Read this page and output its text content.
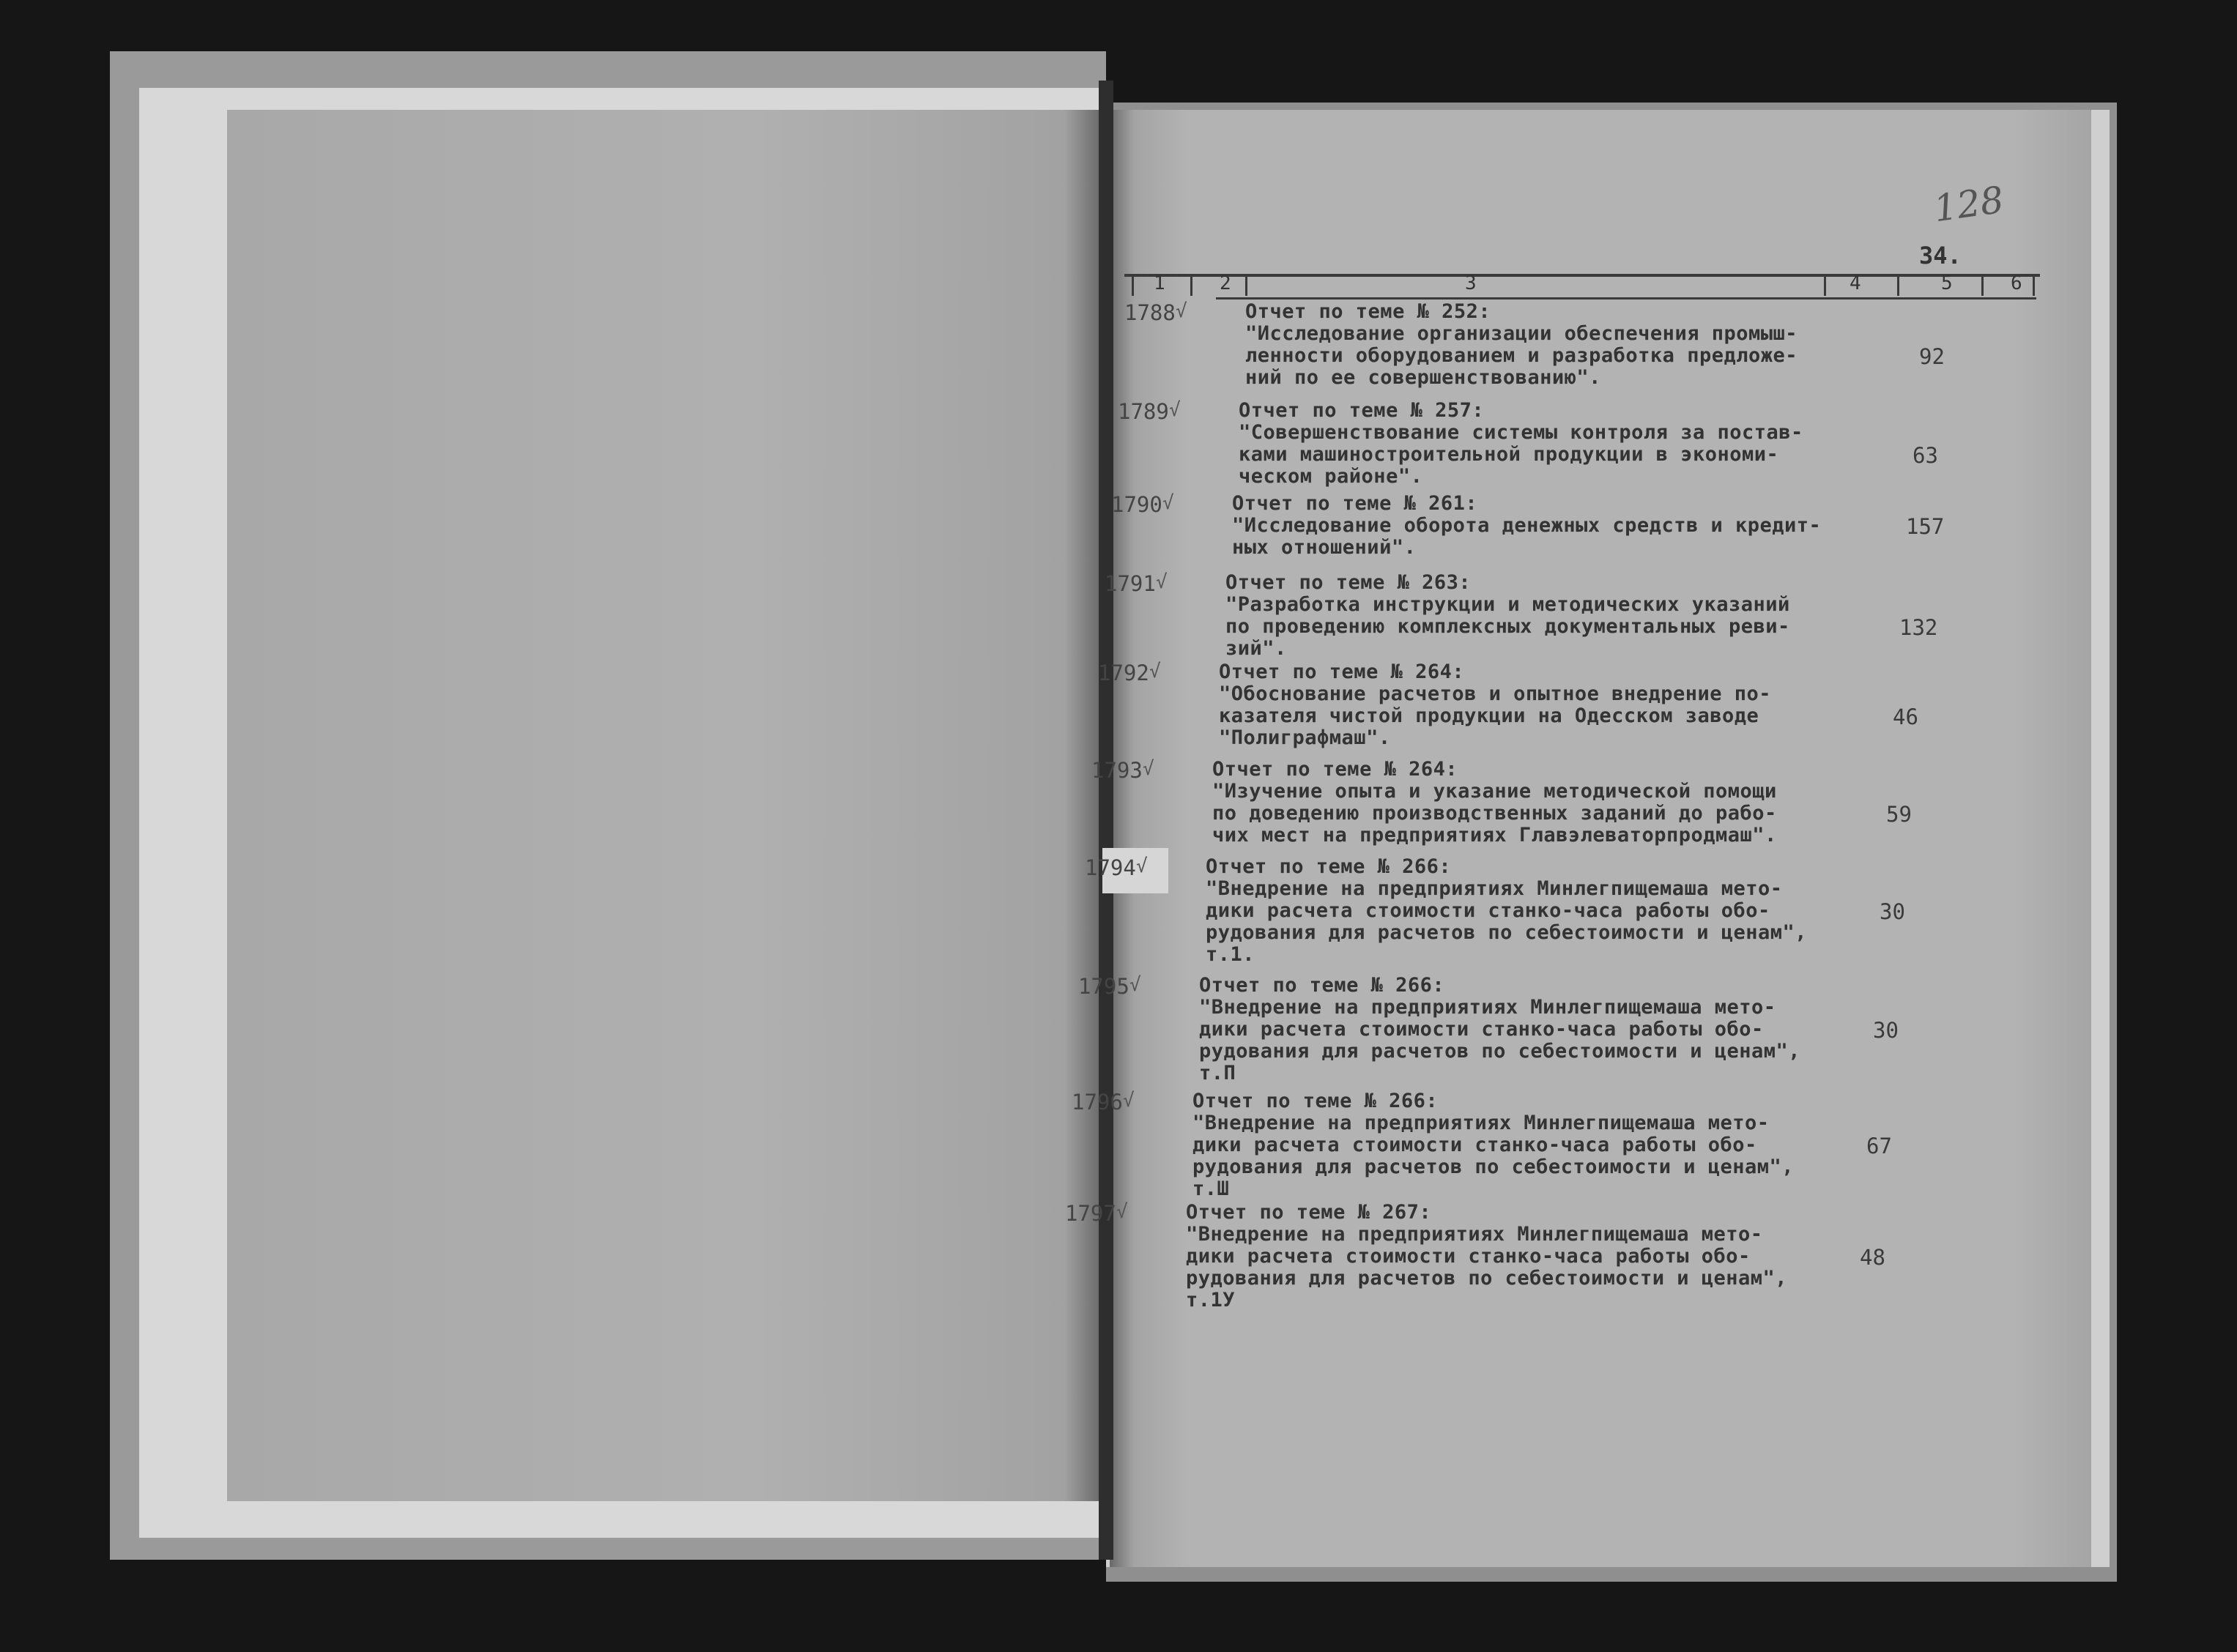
128
34.
1	2	3	4	5	6
1788 √	Отчет по теме № 252:
"Исследование организации обеспечения промыш-
ленности оборудованием и разработка предложе-
ний по ее совершенствованию".
92
1789 √	Отчет по теме № 257:
"Совершенствование системы контроля за постав-
ками машиностроительной продукции в экономи-
ческом районе".
63
1790 √	Отчет по теме № 261:
"Исследование оборота денежных средств и кредит-
ных отношений".
157
1791 √	Отчет по теме № 263:
"Разработка инструкции и методических указаний
по проведению комплексных документальных реви-
зий".
132
1792 √	Отчет по теме № 264:
"Обоснование расчетов и опытное внедрение по-
казателя чистой продукции на Одесском заводе
"Полиграфмаш".
46
1793 √	Отчет по теме № 264:
"Изучение опыта и указание методической помощи
по доведению производственных заданий до рабо-
чих мест на предприятиях Главэлеваторпродмаш".
59
1794 √	Отчет по теме № 266:
"Внедрение на предприятиях Минлегпищемаша мето-
дики расчета стоимости станко-часа работы обо-
рудования для расчетов по себестоимости и ценам",
т.1.
30
1795 √	Отчет по теме № 266:
"Внедрение на предприятиях Минлегпищемаша мето-
дики расчета стоимости станко-часа работы обо-
рудования для расчетов по себестоимости и ценам",
т.П
30
1796 √	Отчет по теме № 266:
"Внедрение на предприятиях Минлегпищемаша мето-
дики расчета стоимости станко-часа работы обо-
рудования для расчетов по себестоимости и ценам",
т.Ш
67
1797 √	Отчет по теме № 267:
"Внедрение на предприятиях Минлегпищемаша мето-
дики расчета стоимости станко-часа работы обо-
рудования для расчетов по себестоимости и ценам",
т.1У
48
